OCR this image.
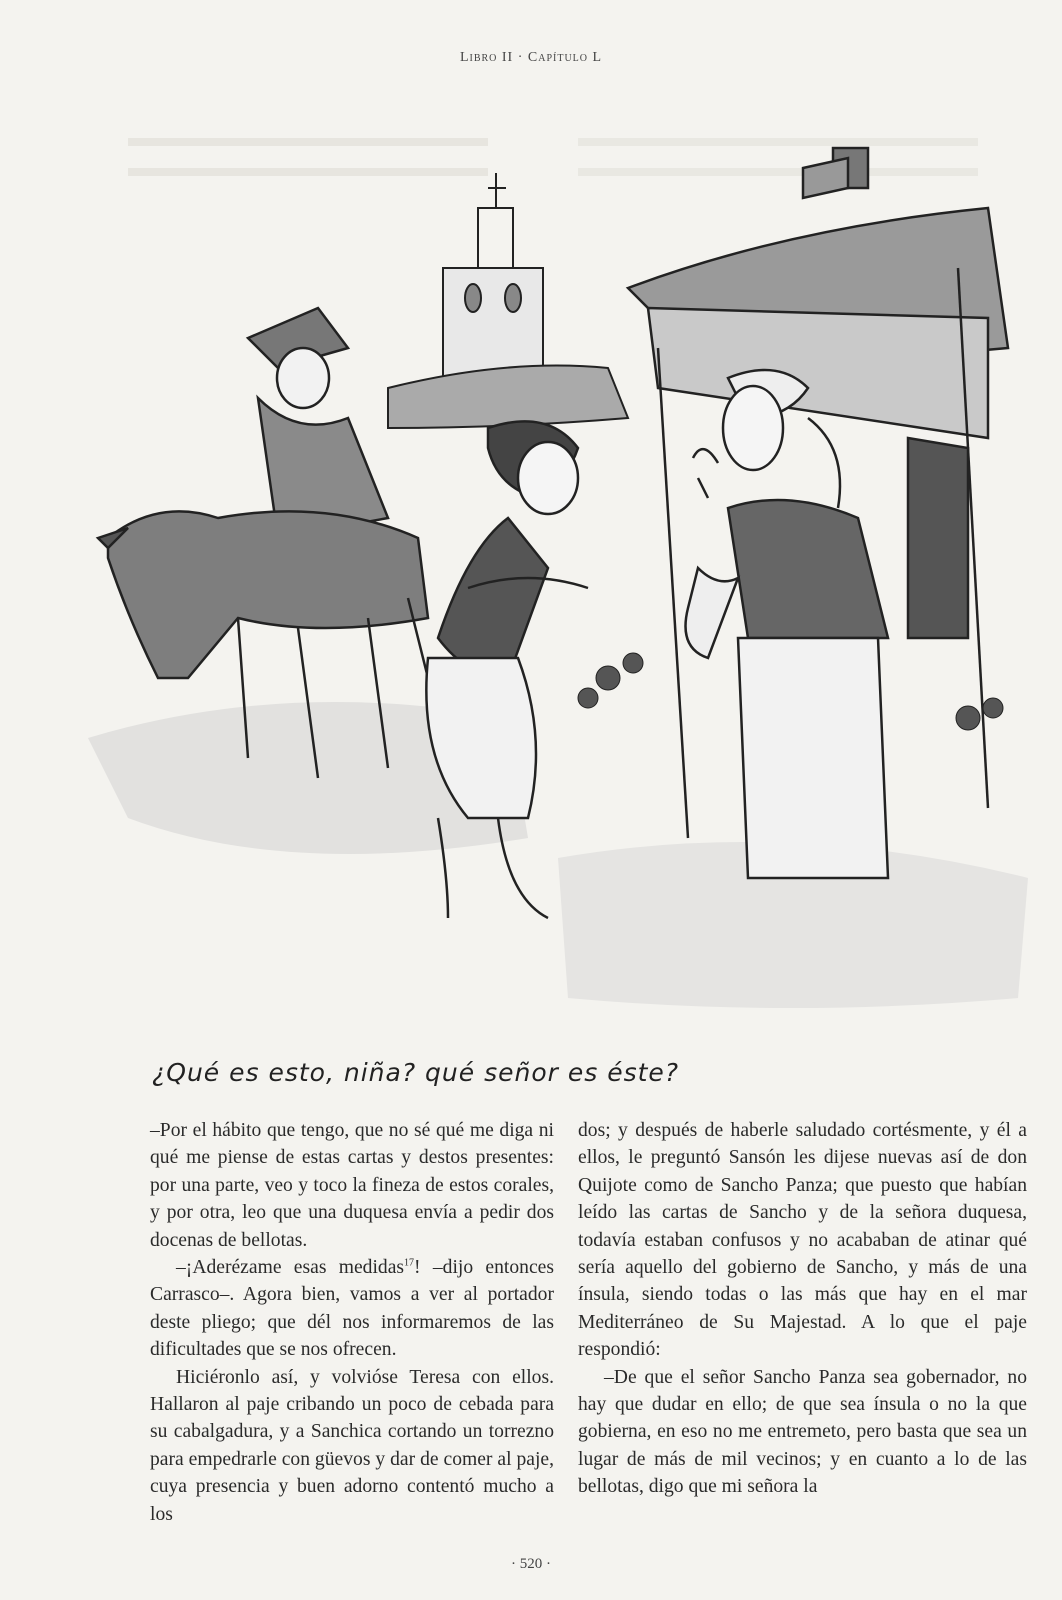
Libro II · Capítulo L
¿Qué es esto, niña? qué señor es éste?

–Por el hábito que tengo, que no sé qué me diga ni qué me piense de estas cartas y destos presentes: por una parte, veo y toco la fineza de estos corales, y por otra, leo que una duquesa envía a pedir dos docenas de bellotas.

–¡Aderézame esas medidas$^{17}$! –dijo entonces Carrasco–. Agora bien, vamos a ver al portador deste pliego; que dél nos informaremos de las dificultades que se nos ofrecen.

Hiciéronlo así, y volvióse Teresa con ellos. Hallaron al paje cribando un poco de cebada para su cabalgadura, y a Sanchica cortando un torrezno para empedrarle con güevos y dar de comer al paje, cuya presencia y buen adorno contentó mucho a los

dos; y después de haberle saludado cortésmente, y él a ellos, le preguntó Sansón les dijese nuevas así de don Quijote como de Sancho Panza; que puesto que habían leído las cartas de Sancho y de la señora duquesa, todavía estaban confusos y no acababan de atinar qué sería aquello del gobierno de Sancho, y más de una ínsula, siendo todas o las más que hay en el mar Mediterráneo de Su Majestad. A lo que el paje respondió:

–De que el señor Sancho Panza sea gobernador, no hay que dudar en ello; de que sea ínsula o no la que gobierna, en eso no me entremeto, pero basta que sea un lugar de más de mil vecinos; y en cuanto a lo de las bellotas, digo que mi señora la

· 520 ·
